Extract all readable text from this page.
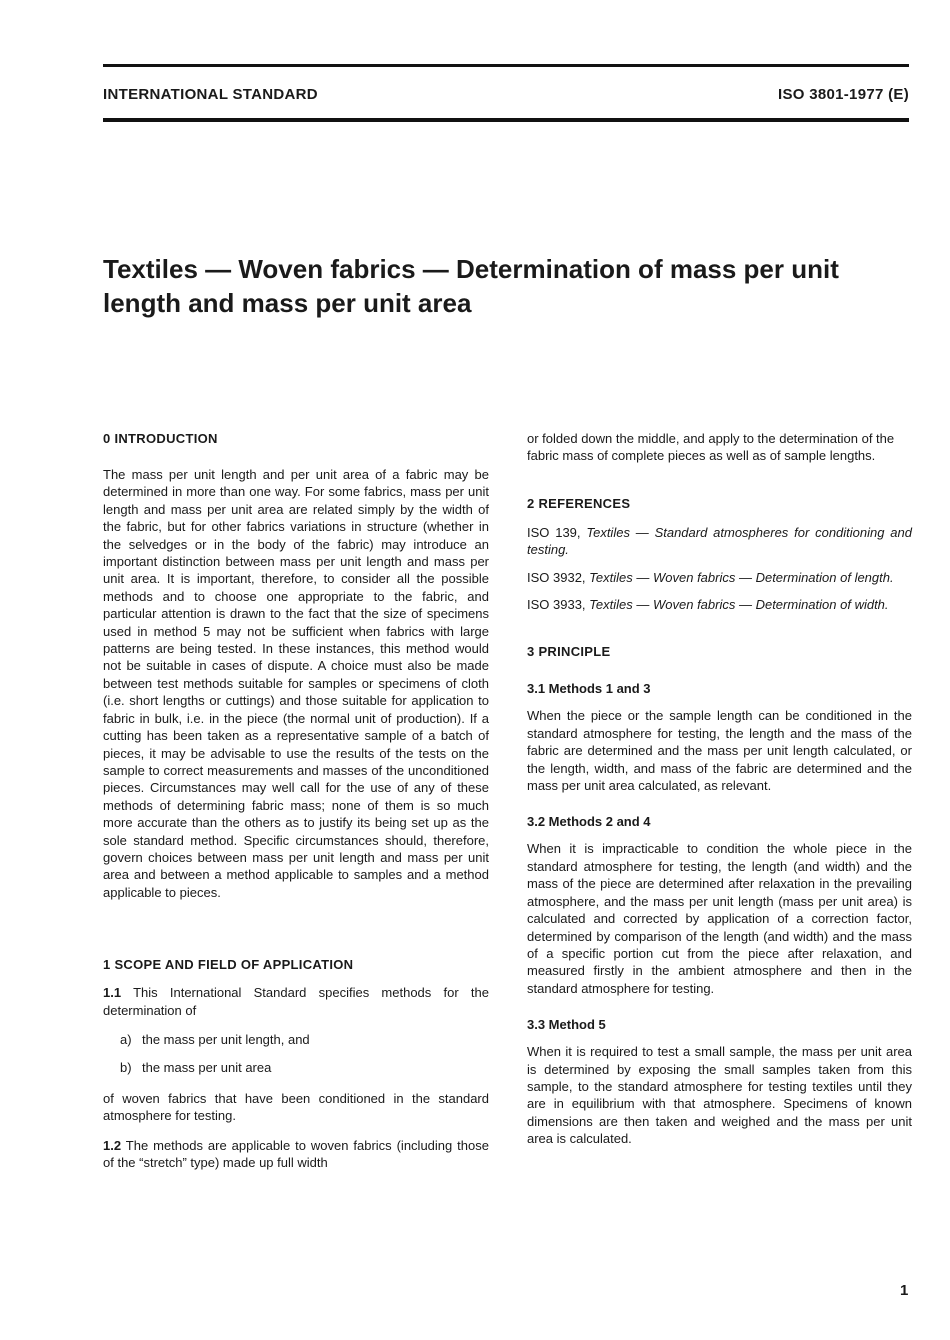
INTERNATIONAL STANDARD	ISO 3801-1977 (E)
Textiles — Woven fabrics — Determination of mass per unit length and mass per unit area
0 INTRODUCTION

The mass per unit length and per unit area of a fabric may be determined in more than one way. For some fabrics, mass per unit length and mass per unit area are related simply by the width of the fabric, but for other fabrics variations in structure (whether in the selvedges or in the body of the fabric) may introduce an important distinction between mass per unit length and mass per unit area. It is important, therefore, to consider all the possible methods and to choose one appropriate to the fabric, and particular attention is drawn to the fact that the size of specimens used in method 5 may not be sufficient when fabrics with large patterns are being tested. In these instances, this method would not be suitable in cases of dispute. A choice must also be made between test methods suitable for samples or specimens of cloth (i.e. short lengths or cuttings) and those suitable for application to fabric in bulk, i.e. in the piece (the normal unit of production). If a cutting has been taken as a representative sample of a batch of pieces, it may be advisable to use the results of the tests on the sample to correct measurements and masses of the unconditioned pieces. Circumstances may well call for the use of any of these methods of determining fabric mass; none of them is so much more accurate than the others as to justify its being set up as the sole standard method. Specific circumstances should, therefore, govern choices between mass per unit length and mass per unit area and between a method applicable to samples and a method applicable to pieces.

1 SCOPE AND FIELD OF APPLICATION

1.1 This International Standard specifies methods for the determination of

a) the mass per unit length, and
b) the mass per unit area

of woven fabrics that have been conditioned in the standard atmosphere for testing.

1.2 The methods are applicable to woven fabrics (including those of the “stretch” type) made up full width

or folded down the middle, and apply to the determination of the fabric mass of complete pieces as well as of sample lengths.

2 REFERENCES

ISO 139, Textiles — Standard atmospheres for conditioning and testing.

ISO 3932, Textiles — Woven fabrics — Determination of length.

ISO 3933, Textiles — Woven fabrics — Determination of width.

3 PRINCIPLE
3.1 Methods 1 and 3

When the piece or the sample length can be conditioned in the standard atmosphere for testing, the length and the mass of the fabric are determined and the mass per unit length calculated, or the length, width, and mass of the fabric are determined and the mass per unit area calculated, as relevant.

3.2 Methods 2 and 4

When it is impracticable to condition the whole piece in the standard atmosphere for testing, the length (and width) and the mass of the piece are determined after relaxation in the prevailing atmosphere, and the mass per unit length (mass per unit area) is calculated and corrected by application of a correction factor, determined by comparison of the length (and width) and the mass of a specific portion cut from the piece after relaxation, and measured firstly in the ambient atmosphere and then in the standard atmosphere for testing.

3.3 Method 5

When it is required to test a small sample, the mass per unit area is determined by exposing the small samples taken from this sample, to the standard atmosphere for testing textiles until they are in equilibrium with that atmosphere. Specimens of known dimensions are then taken and weighed and the mass per unit area is calculated.

1
